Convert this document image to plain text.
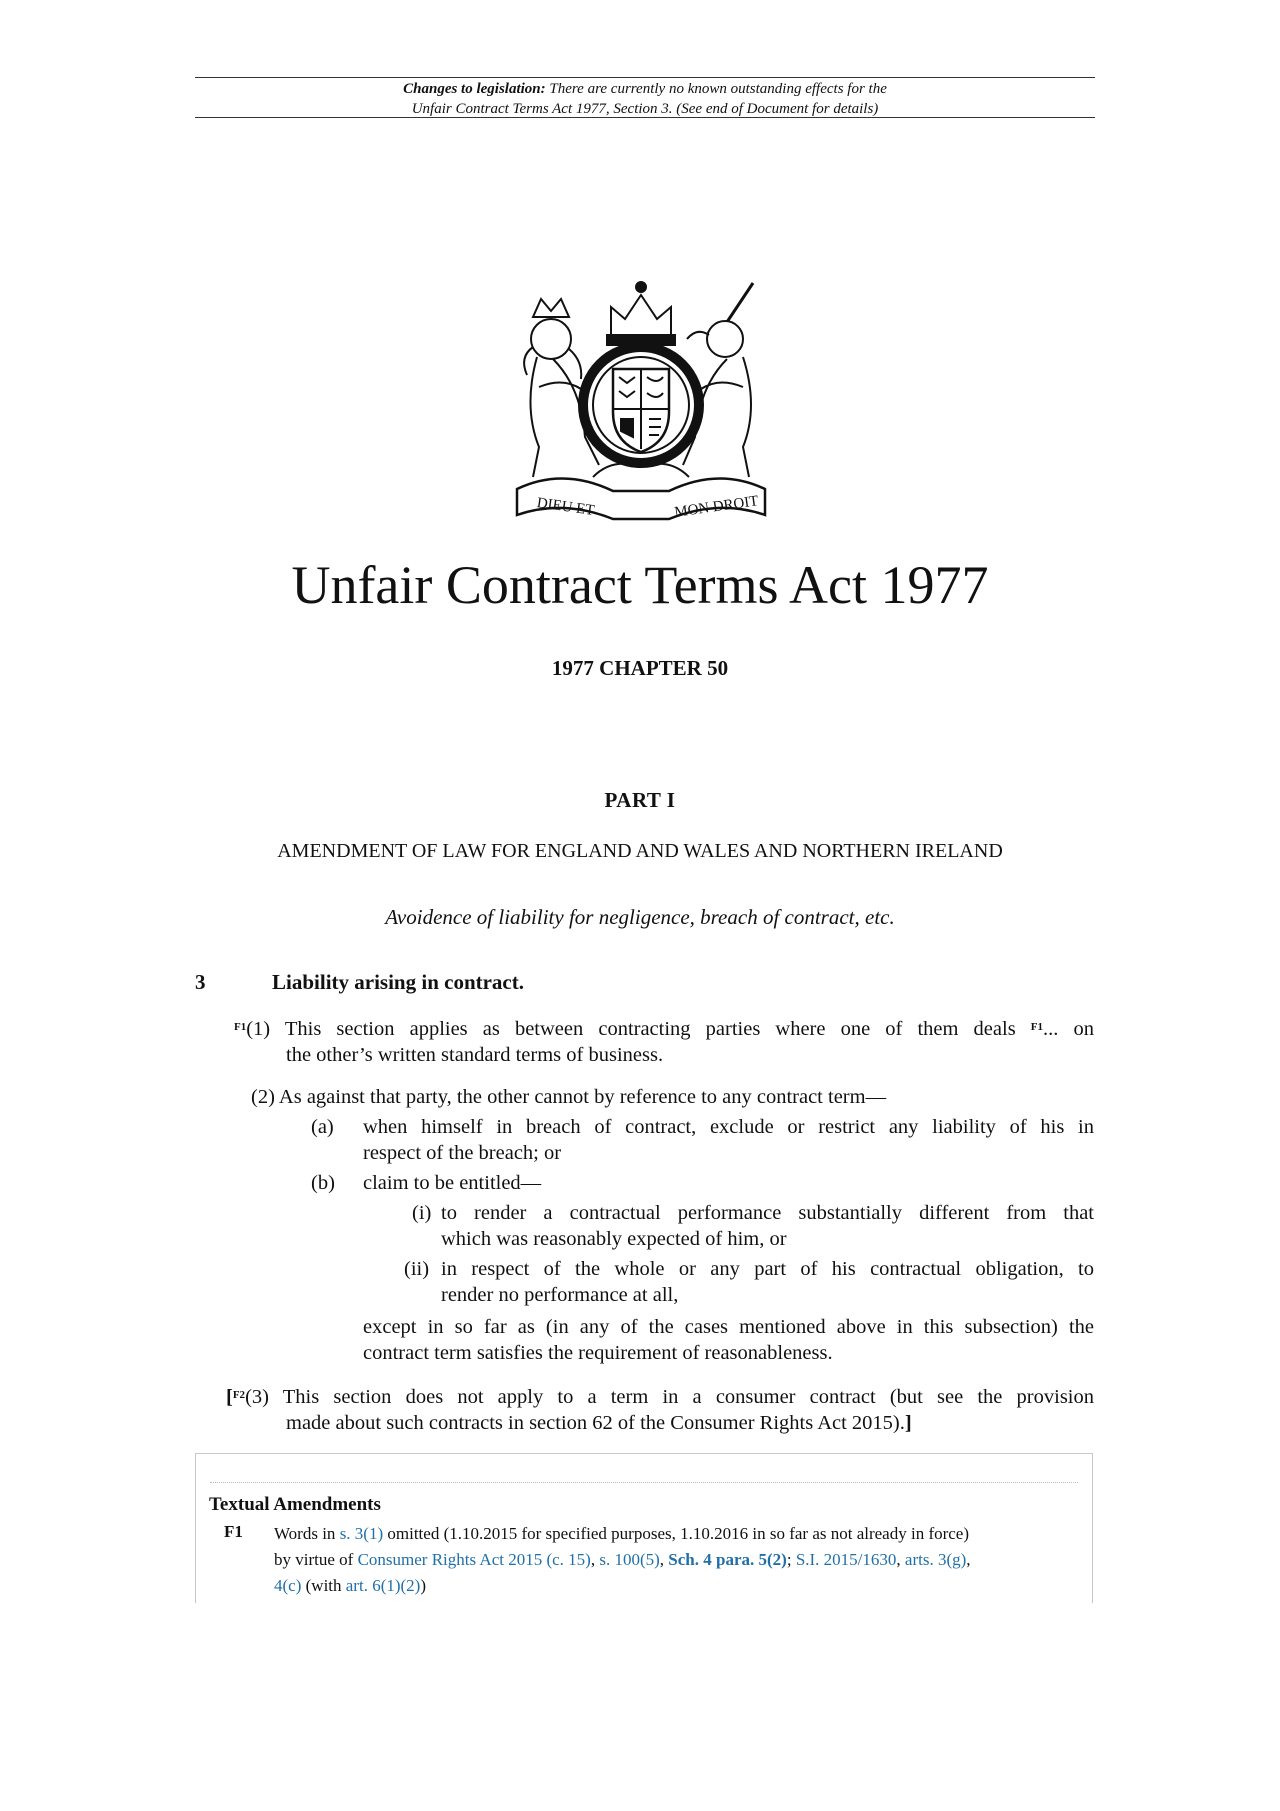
Changes to legislation: There are currently no known outstanding effects for the
Unfair Contract Terms Act 1977, Section 3. (See end of Document for details)
DIEU ET	MON DROIT
Unfair Contract Terms Act 1977
1977 CHAPTER 50
PART I
AMENDMENT OF LAW FOR ENGLAND AND WALES AND NORTHERN IRELAND
Avoidence of liability for negligence, breach of contract, etc.
3	Liability arising in contract.
$^{F1}$(1) This section applies as between contracting parties where one of them deals $^{F1}$... on
the other’s written standard terms of business.
(2) As against that party, the other cannot by reference to any contract term—
(a) when himself in breach of contract, exclude or restrict any liability of his in
respect of the breach; or
(b) claim to be entitled—
(i) to render a contractual performance substantially different from that
which was reasonably expected of him, or
(ii) in respect of the whole or any part of his contractual obligation, to
render no performance at all,
except in so far as (in any of the cases mentioned above in this subsection) the
contract term satisfies the requirement of reasonableness.
[$^{F2}$(3) This section does not apply to a term in a consumer contract (but see the provision
made about such contracts in section 62 of the Consumer Rights Act 2015).]
Textual Amendments
F1 Words in s. 3(1) omitted (1.10.2015 for specified purposes, 1.10.2016 in so far as not already in force)
by virtue of Consumer Rights Act 2015 (c. 15), s. 100(5), Sch. 4 para. 5(2); S.I. 2015/1630, arts. 3(g),
4(c) (with art. 6(1)(2))
